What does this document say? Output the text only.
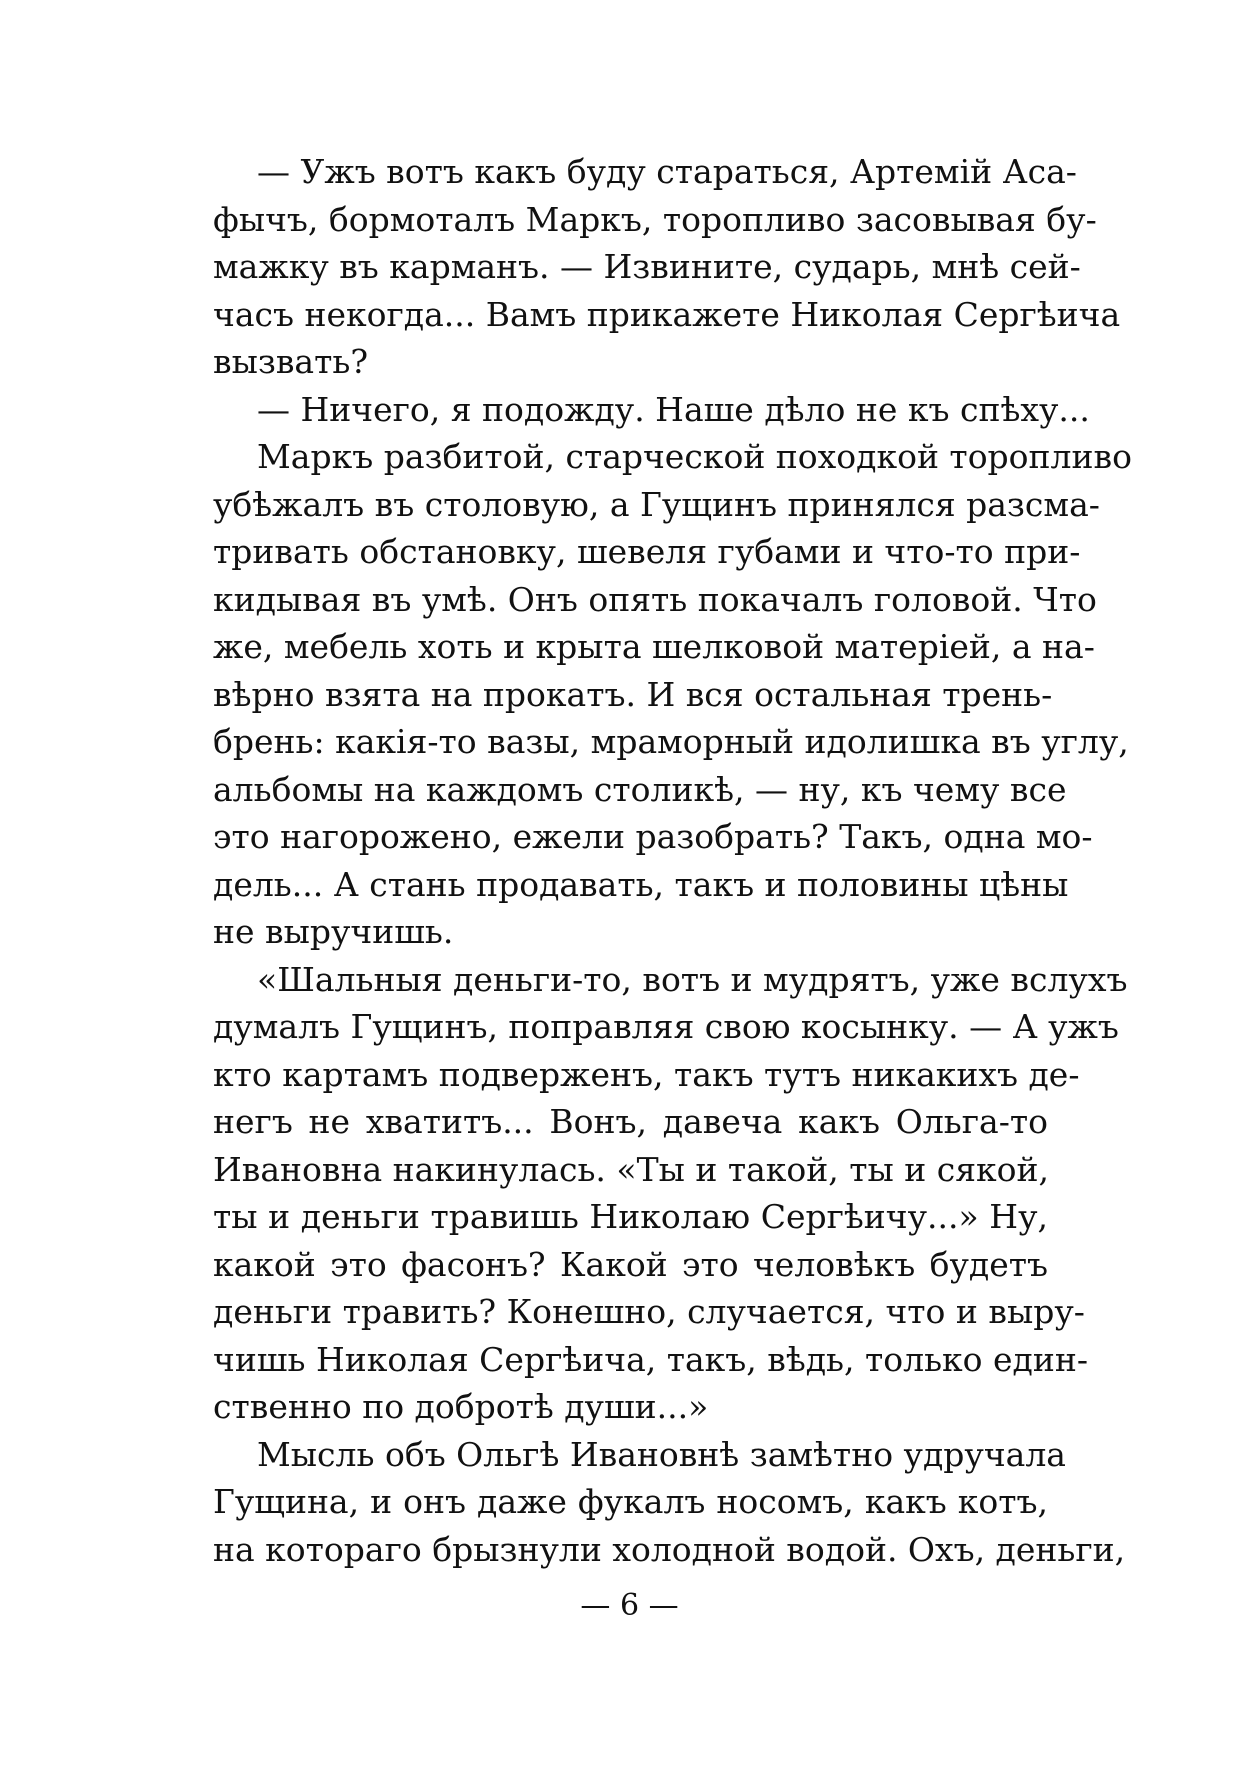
— Ужъ вотъ какъ буду стараться, Артемій Аса-
фычъ, бормоталъ Маркъ, торопливо засовывая бу-
мажку въ карманъ. — Извините, сударь, мнѣ сей-
часъ некогда... Вамъ прикажете Николая Сергѣича
вызвать?
— Ничего, я подожду. Наше дѣло не къ спѣху...
Маркъ разбитой, старческой походкой торопливо
убѣжалъ въ столовую, а Гущинъ принялся разсма-
тривать обстановку, шевеля губами и что-то при-
кидывая въ умѣ. Онъ опять покачалъ головой. Что
же, мебель хоть и крыта шелковой матеріей, а на-
вѣрно взята на прокатъ. И вся остальная трень-
брень: какія-то вазы, мраморный идолишка въ углу,
альбомы на каждомъ столикѣ, — ну, къ чему все
это нагорожено, ежели разобрать? Такъ, одна мо-
дель... А стань продавать, такъ и половины цѣны
не выручишь.
«Шальныя деньги-то, вотъ и мудрятъ, уже вслухъ
думалъ Гущинъ, поправляя свою косынку. — А ужъ
кто картамъ подверженъ, такъ тутъ никакихъ де-
негъ не хватитъ... Вонъ, давеча какъ Ольга-то
Ивановна накинулась. «Ты и такой, ты и сякой,
ты и деньги травишь Николаю Сергѣичу...» Ну,
какой это фасонъ? Какой это человѣкъ будетъ
деньги травить? Конешно, случается, что и выру-
чишь Николая Сергѣича, такъ, вѣдь, только един-
ственно по добротѣ души...»
Мысль объ Ольгѣ Ивановнѣ замѣтно удручала
Гущина, и онъ даже фукалъ носомъ, какъ котъ,
на котораго брызнули холодной водой. Охъ, деньги,
— 6 —
